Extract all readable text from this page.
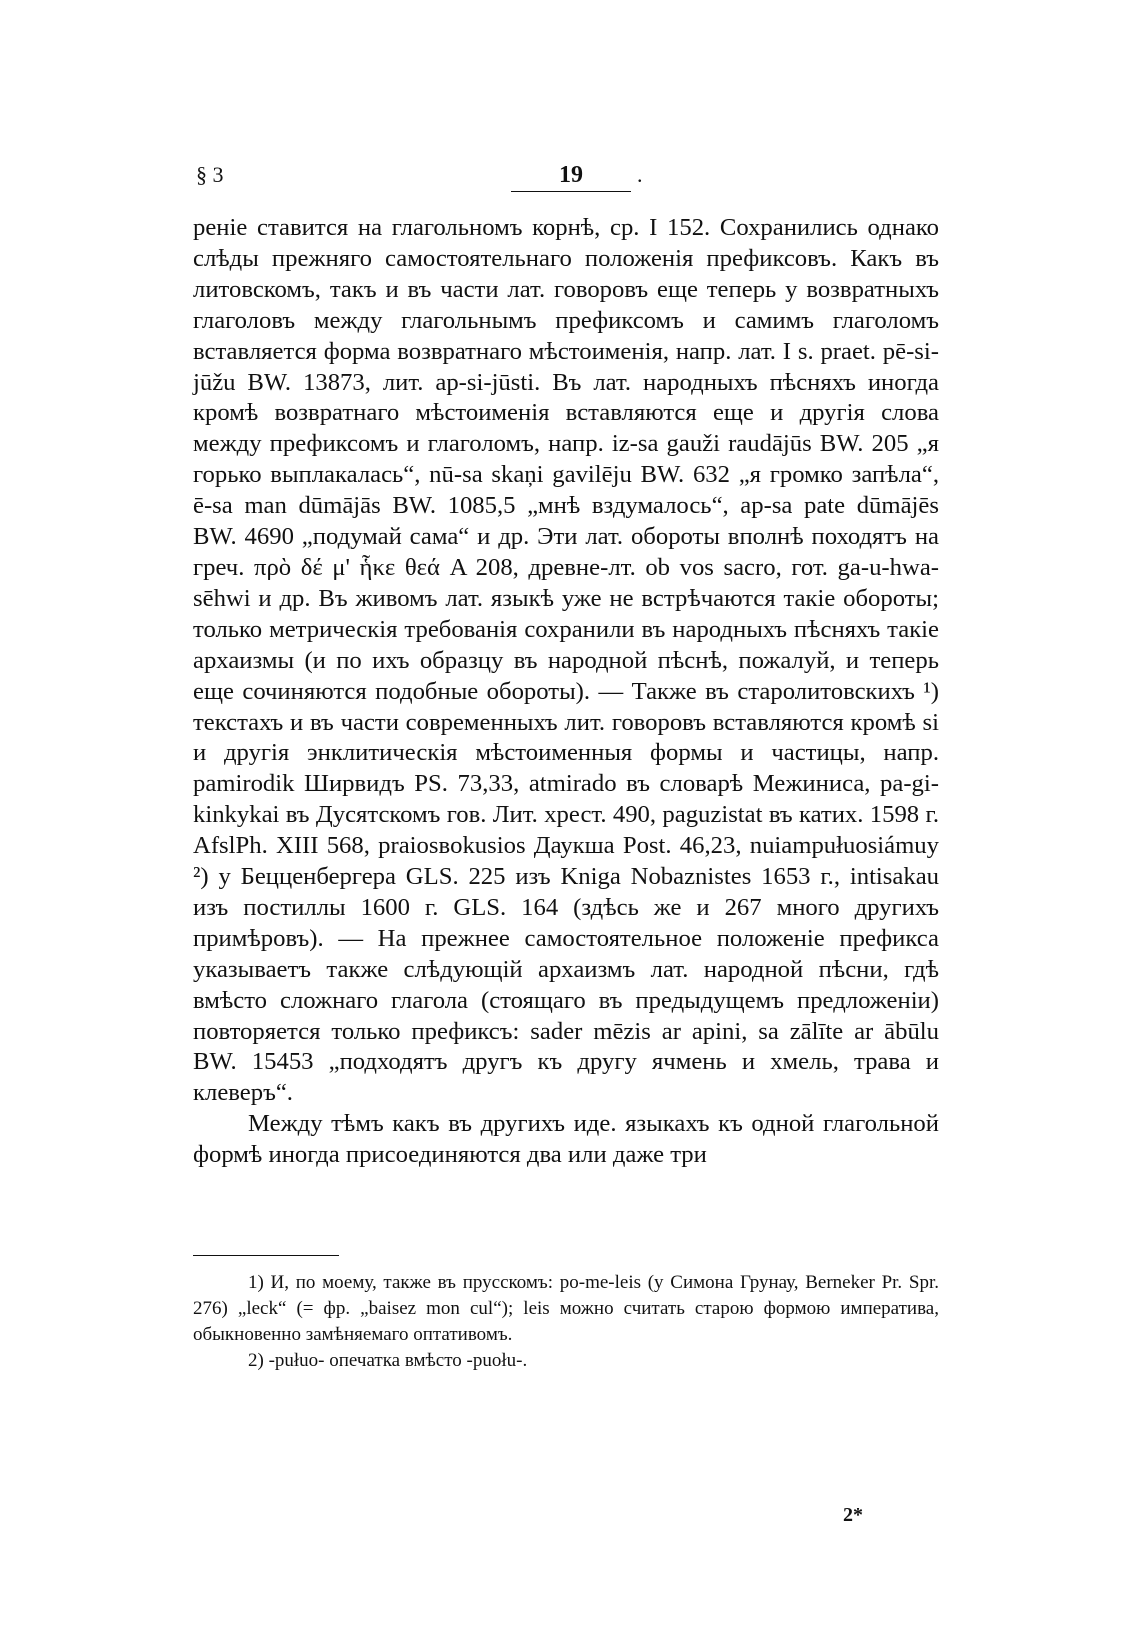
§ 3	19	.

реніе ставится на глагольномъ корнѣ, ср. I 152. Сохранились однако слѣды прежняго самостоятельнаго положенія префиксовъ. Какъ въ литовскомъ, такъ и въ части лат. говоровъ еще теперь у возвратныхъ глаголовъ между глагольнымъ префиксомъ и самимъ глаголомъ вставляется форма возвратнаго мѣстоименія, напр. лат. I s. praet. pē-si-jūžu BW. 13873, лит. ap-si-jūsti. Въ лат. народныхъ пѣсняхъ иногда кромѣ возвратнаго мѣстоименія вставляются еще и другія слова между префиксомъ и глаголомъ, напр. iz-sa gauži raudājūs BW. 205 „я горько выплакалась“, nū-sa skaņi gavilēju BW. 632 „я громко запѣла“, ē-sa man dūmājās BW. 1085,5 „мнѣ вздумалось“, ap-sa pate dūmājēs BW. 4690 „подумай сама“ и др. Эти лат. обороты вполнѣ походятъ на греч. πρὸ δέ μ' ἧκε θεά A 208, древне-лт. ob vos sacro, гот. ga-u-hwa-sēhwi и др. Въ живомъ лат. языкѣ уже не встрѣчаются такіе обороты; только метрическія требованія сохранили въ народныхъ пѣсняхъ такіе архаизмы (и по ихъ образцу въ народной пѣснѣ, пожалуй, и теперь еще сочиняются подобные обороты). — Также въ старолитовскихъ ¹) текстахъ и въ части современныхъ лит. говоровъ вставляются кромѣ si и другія энклитическія мѣстоименныя формы и частицы, напр. pamirodik Ширвидъ PS. 73,33, atmirado въ словарѣ Межиниса, pa-gi-kinkykai въ Дусятскомъ гов. Лит. хрест. 490, paguzistat въ катих. 1598 г. AfslPh. XIII 568, praiosвokusios Даукша Post. 46,23, nuiampułuosiámuy ²) у Бецценбергера GLS. 225 изъ Kniga Nobaznistes 1653 г., intisakau изъ постиллы 1600 г. GLS. 164 (здѣсь же и 267 много другихъ примѣровъ). — На прежнее самостоятельное положеніе префикса указываетъ также слѣдующій архаизмъ лат. народной пѣсни, гдѣ вмѣсто сложнаго глагола (стоящаго въ предыдущемъ предложеніи) повторяется только префиксъ: sader mēzis ar apini, sa zālīte ar ābūlu BW. 15453 „подходятъ другъ къ другу ячмень и хмель, трава и клеверъ“.

Между тѣмъ какъ въ другихъ иде. языкахъ къ одной глагольной формѣ иногда присоединяются два или даже три

1) И, по моему, также въ прусскомъ: po-me-leis (у Симона Грунау, Berneker Pr. Spr. 276) „leck“ (= фр. „baisez mon cul“); leis можно считать старою формою императива, обыкновенно замѣняемаго оптативомъ.

2) -pułuo- опечатка вмѣсто -puołu-.

2*
